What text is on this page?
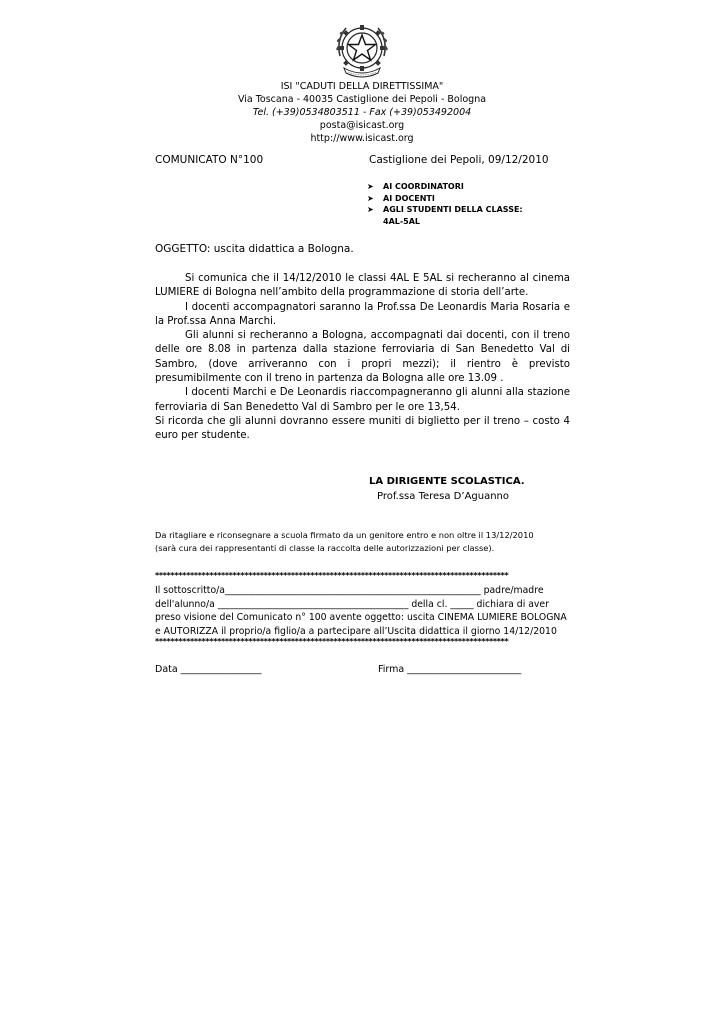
ISI "CADUTI DELLA DIRETTISSIMA"
Via Toscana - 40035 Castiglione dei Pepoli - Bologna
Tel. (+39)0534803511 - Fax (+39)053492004
posta@isicast.org
http://www.isicast.org
COMUNICATO N°100	Castiglione dei Pepoli, 09/12/2010
➤ AI COORDINATORI
➤ AI DOCENTI
➤ AGLI STUDENTI DELLA CLASSE:
4AL-5AL
OGGETTO: uscita didattica a Bologna.

Si comunica che il 14/12/2010 le classi 4AL E 5AL si recheranno al cinema LUMIERE di Bologna nell’ambito della programmazione di storia dell’arte.

I docenti accompagnatori saranno la Prof.ssa De Leonardis Maria Rosaria e la Prof.ssa Anna Marchi.

Gli alunni si recheranno a Bologna, accompagnati dai docenti, con il treno delle ore 8.08 in partenza dalla stazione ferroviaria di San Benedetto Val di Sambro, (dove arriveranno con i propri mezzi); il rientro è previsto presumibilmente con il treno in partenza da Bologna alle ore 13.09 .

I docenti Marchi e De Leonardis riaccompagneranno gli alunni alla stazione ferroviaria di San Benedetto Val di Sambro per le ore 13,54.

Si ricorda che gli alunni dovranno essere muniti di biglietto per il treno – costo 4 euro per studente.

LA DIRIGENTE SCOLASTICA.
Prof.ssa Teresa D’Aguanno
Da ritagliare e riconsegnare a scuola firmato da un genitore entro e non oltre il 13/12/2010
(sarà cura dei rappresentanti di classe la raccolta delle autorizzazioni per classe).
*******************************************************************************************

Il sottoscritto/a_______________________________________________________ padre/madre

dell'alunno/a _________________________________________ della cl. _____ dichiara di aver

preso visione del Comunicato n° 100 avente oggetto: uscita CINEMA LUMIERE BOLOGNA

e AUTORIZZA il proprio/a figlio/a a partecipare all’Uscita didattica il giorno 14/12/2010

*******************************************************************************************
Data _________________	Firma ________________________
